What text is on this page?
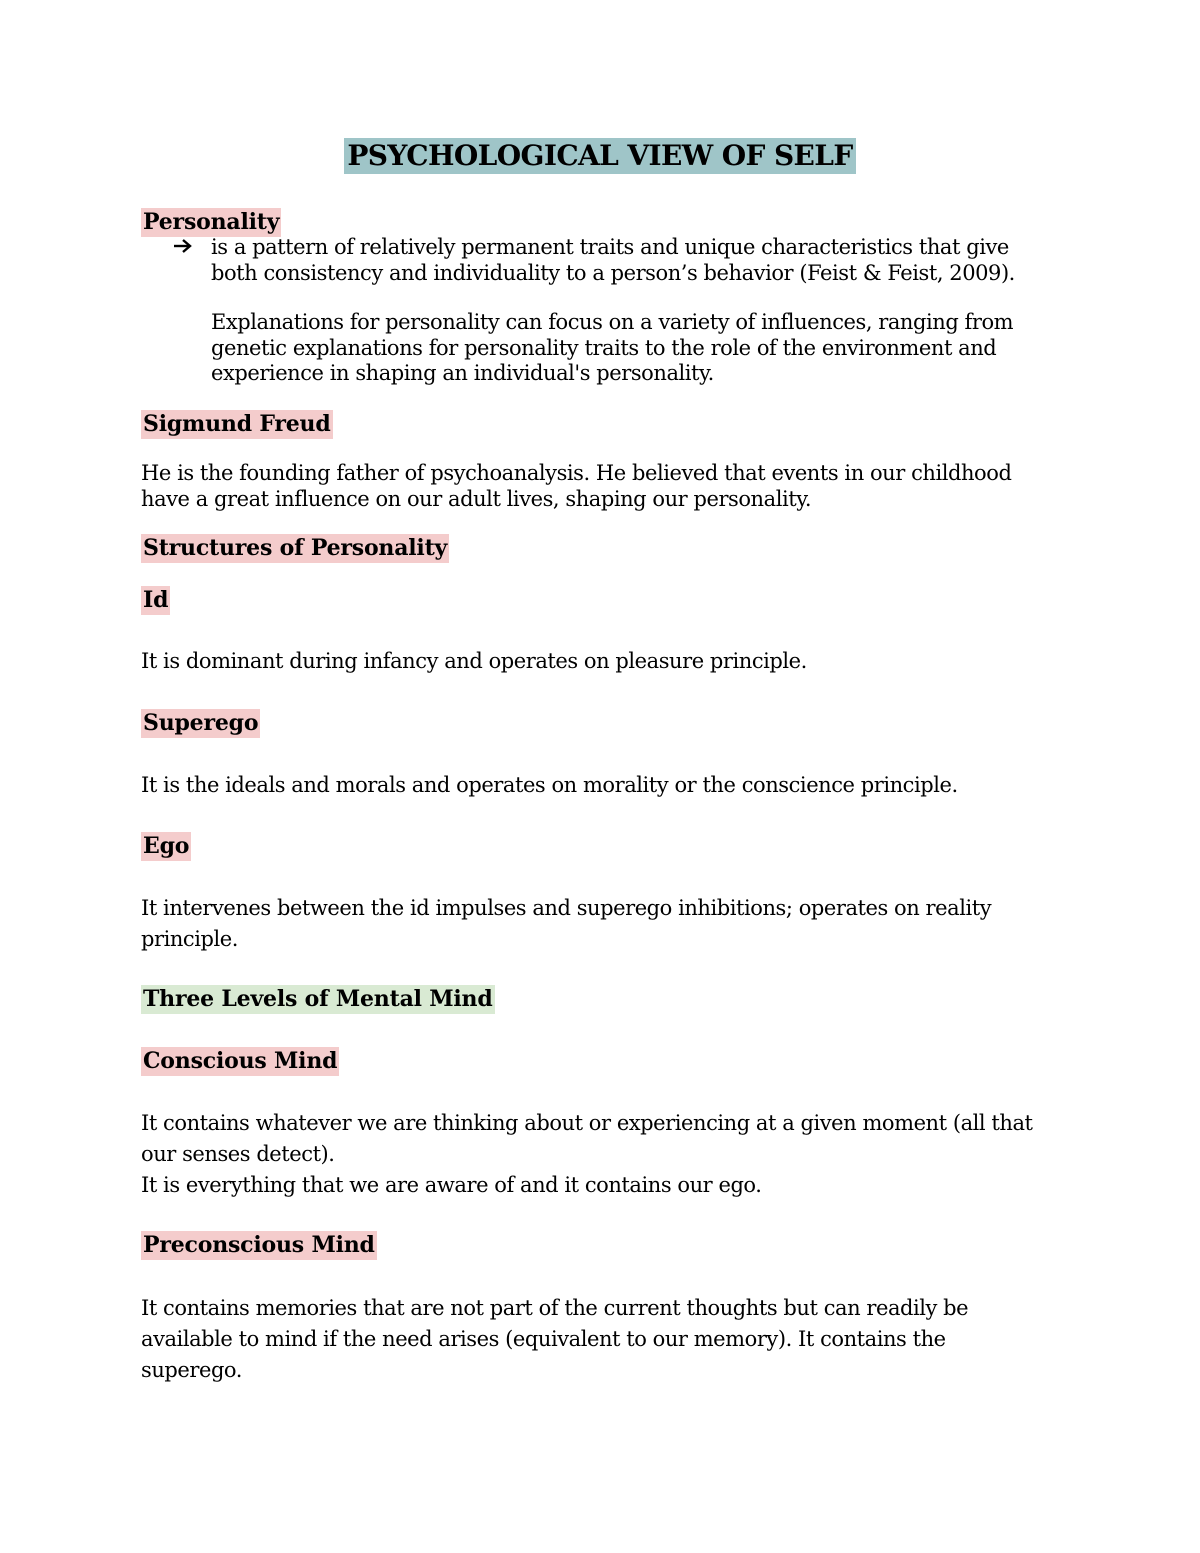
PSYCHOLOGICAL VIEW OF SELF
Personality

is a pattern of relatively permanent traits and unique characteristics that give
both consistency and individuality to a person’s behavior (Feist & Feist, 2009).

Explanations for personality can focus on a variety of influences, ranging from
genetic explanations for personality traits to the role of the environment and
experience in shaping an individual's personality.

Sigmund Freud

He is the founding father of psychoanalysis. He believed that events in our childhood
have a great influence on our adult lives, shaping our personality.

Structures of Personality
Id

It is dominant during infancy and operates on pleasure principle.

Superego

It is the ideals and morals and operates on morality or the conscience principle.

Ego

It intervenes between the id impulses and superego inhibitions; operates on reality
principle.

Three Levels of Mental Mind
Conscious Mind

It contains whatever we are thinking about or experiencing at a given moment (all that
our senses detect).
It is everything that we are aware of and it contains our ego.

Preconscious Mind

It contains memories that are not part of the current thoughts but can readily be
available to mind if the need arises (equivalent to our memory). It contains the
superego.
